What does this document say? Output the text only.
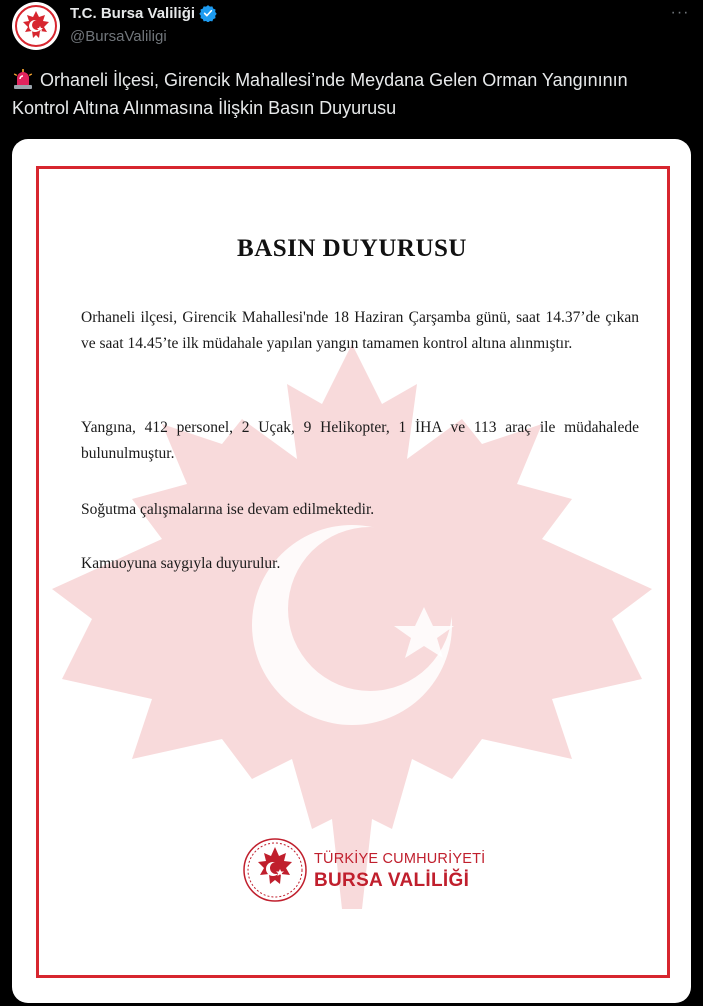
T.C. Bursa Valiliği
@BursaValiligi
···
Orhaneli İlçesi, Girencik Mahallesi’nde Meydana Gelen Orman Yangınının Kontrol Altına Alınmasına İlişkin Basın Duyurusu
BASIN DUYURUSU
Orhaneli ilçesi, Girencik Mahallesi'nde 18 Haziran Çarşamba günü, saat 14.37’de çıkan ve saat 14.45’te ilk müdahale yapılan yangın tamamen kontrol altına alınmıştır.
Yangına, 412 personel, 2 Uçak, 9 Helikopter, 1 İHA ve 113 araç ile müdahalede bulunulmuştur.
Soğutma çalışmalarına ise devam edilmektedir.
Kamuoyuna saygıyla duyurulur.
TÜRKİYE CUMHURİYETİ
BURSA VALİLİĞİ
